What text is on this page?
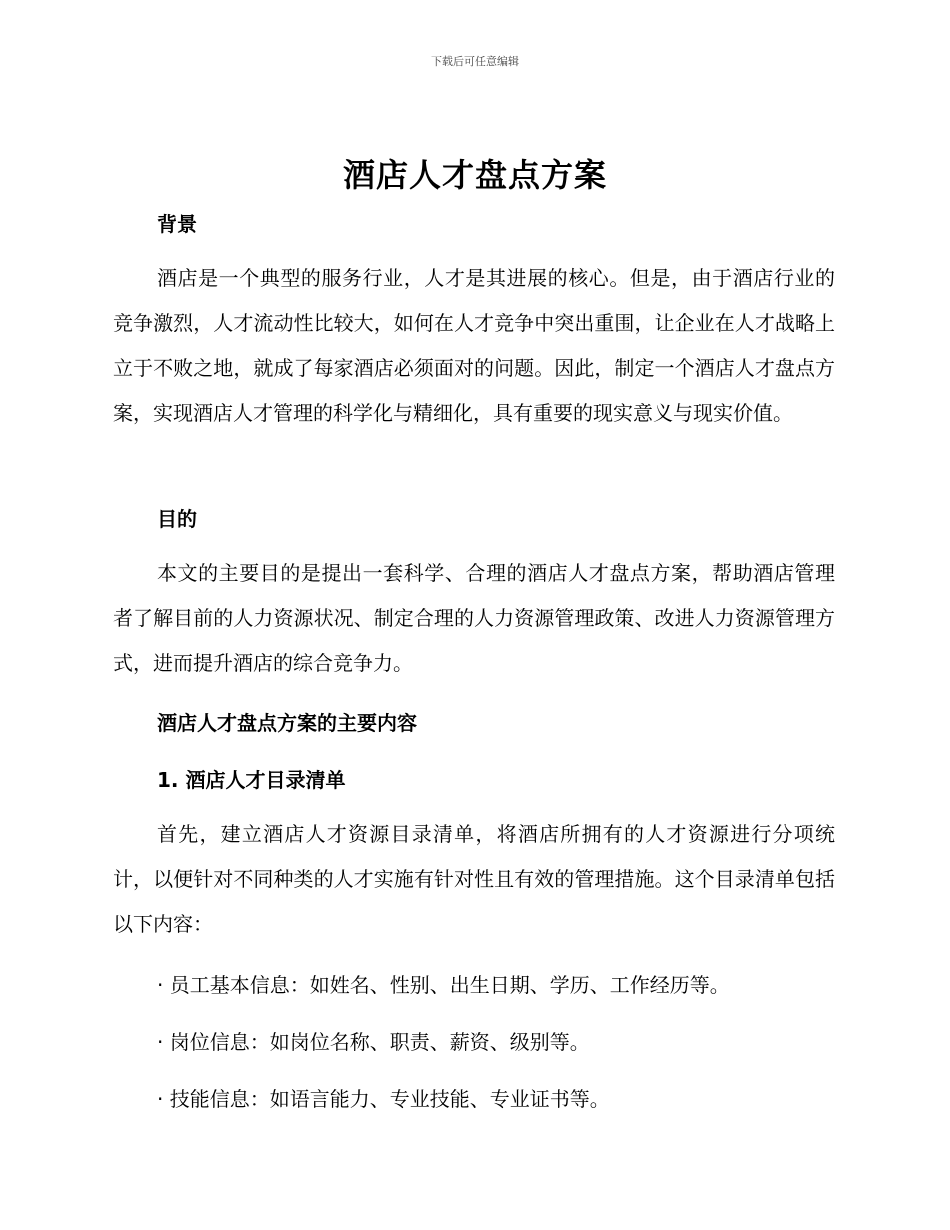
下载后可任意编辑
酒店人才盘点方案
背景
酒店是一个典型的服务行业，人才是其进展的核心。但是，由于酒店行业的竞争激烈，人才流动性比较大，如何在人才竞争中突出重围，让企业在人才战略上立于不败之地，就成了每家酒店必须面对的问题。因此，制定一个酒店人才盘点方案，实现酒店人才管理的科学化与精细化，具有重要的现实意义与现实价值。
目的
本文的主要目的是提出一套科学、合理的酒店人才盘点方案，帮助酒店管理者了解目前的人力资源状况、制定合理的人力资源管理政策、改进人力资源管理方式，进而提升酒店的综合竞争力。
酒店人才盘点方案的主要内容
1. 酒店人才目录清单
首先，建立酒店人才资源目录清单，将酒店所拥有的人才资源进行分项统计，以便针对不同种类的人才实施有针对性且有效的管理措施。这个目录清单包括以下内容：
· 员工基本信息：如姓名、性别、出生日期、学历、工作经历等。
· 岗位信息：如岗位名称、职责、薪资、级别等。
· 技能信息：如语言能力、专业技能、专业证书等。
